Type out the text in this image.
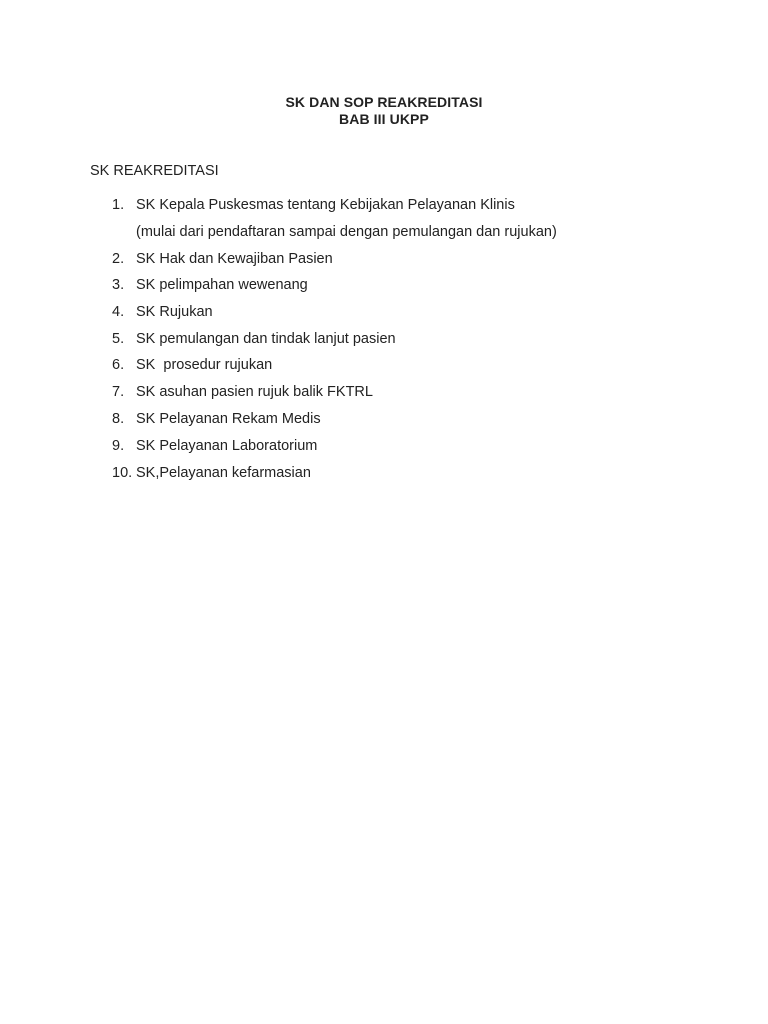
SK DAN SOP REAKREDITASI
BAB III UKPP
SK REAKREDITASI
1. SK Kepala Puskesmas tentang Kebijakan Pelayanan Klinis
(mulai dari pendaftaran sampai dengan pemulangan dan rujukan)
2. SK Hak dan Kewajiban Pasien
3. SK pelimpahan wewenang
4. SK Rujukan
5. SK pemulangan dan tindak lanjut pasien
6. SK  prosedur rujukan
7. SK asuhan pasien rujuk balik FKTRL
8. SK Pelayanan Rekam Medis
9. SK Pelayanan Laboratorium
10. SK,Pelayanan kefarmasian
